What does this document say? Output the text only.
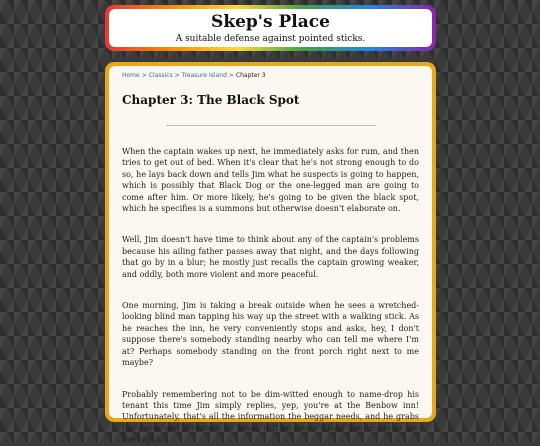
Skep's Place
A suitable defense against pointed sticks.
Home > Classics > Treasure Island > Chapter 3
Chapter 3: The Black Spot

When the captain wakes up next, he immediately asks for rum, and then tries to get out of bed. When it's clear that he's not strong enough to do so, he lays back down and tells Jim what he suspects is going to happen, which is possibly that Black Dog or the one-legged man are going to come after him. Or more likely, he's going to be given the black spot, which he specifies is a summons but otherwise doesn't elaborate on.

Well, Jim doesn't have time to think about any of the captain's problems because his ailing father passes away that night, and the days following that go by in a blur; he mostly just recalls the captain growing weaker, and oddly, both more violent and more peaceful.

One morning, Jim is taking a break outside when he sees a wretched-looking blind man tapping his way up the street with a walking stick. As he reaches the inn, he very conveniently stops and asks, hey, I don't suppose there's somebody standing nearby who can tell me where I'm at? Perhaps somebody standing on the front porch right next to me maybe?

Probably remembering not to be dim-witted enough to name-drop his tenant this time Jim simply replies, yep, you're at the Benbow inn! Unfortunately, that's all the information the beggar needs, and he grabs Jim's arm and threatens to break it if he doesn't lead him inside to see the captain.
